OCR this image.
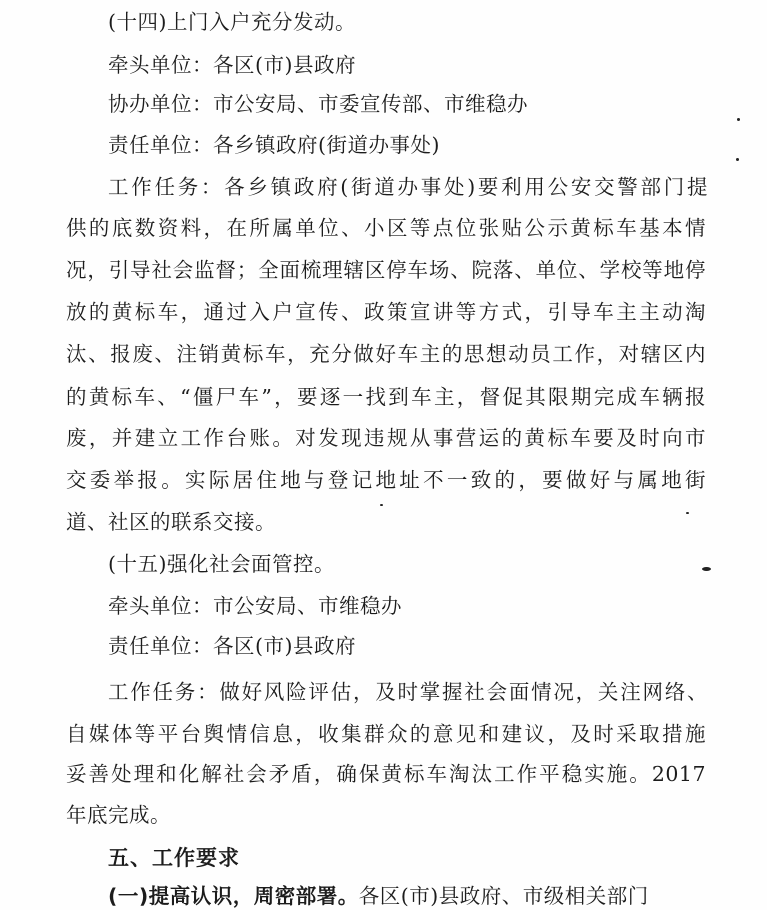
(十四)上门入户充分发动。
牵头单位：各区(市)县政府
协办单位：市公安局、市委宣传部、市维稳办
责任单位：各乡镇政府(街道办事处)
工作任务：各乡镇政府(街道办事处)要利用公安交警部门提
供的底数资料，在所属单位、小区等点位张贴公示黄标车基本情
况，引导社会监督；全面梳理辖区停车场、院落、单位、学校等地停
放的黄标车，通过入户宣传、政策宣讲等方式，引导车主主动淘
汰、报废、注销黄标车，充分做好车主的思想动员工作，对辖区内
的黄标车、“僵尸车”，要逐一找到车主，督促其限期完成车辆报
废，并建立工作台账。对发现违规从事营运的黄标车要及时向市
交委举报。实际居住地与登记地址不一致的，要做好与属地街
道、社区的联系交接。
(十五)强化社会面管控。
牵头单位：市公安局、市维稳办
责任单位：各区(市)县政府
工作任务：做好风险评估，及时掌握社会面情况，关注网络、
自媒体等平台舆情信息，收集群众的意见和建议，及时采取措施
妥善处理和化解社会矛盾，确保黄标车淘汰工作平稳实施。2017
年底完成。
五、工作要求
(一)提高认识，周密部署。各区(市)县政府、市级相关部门
